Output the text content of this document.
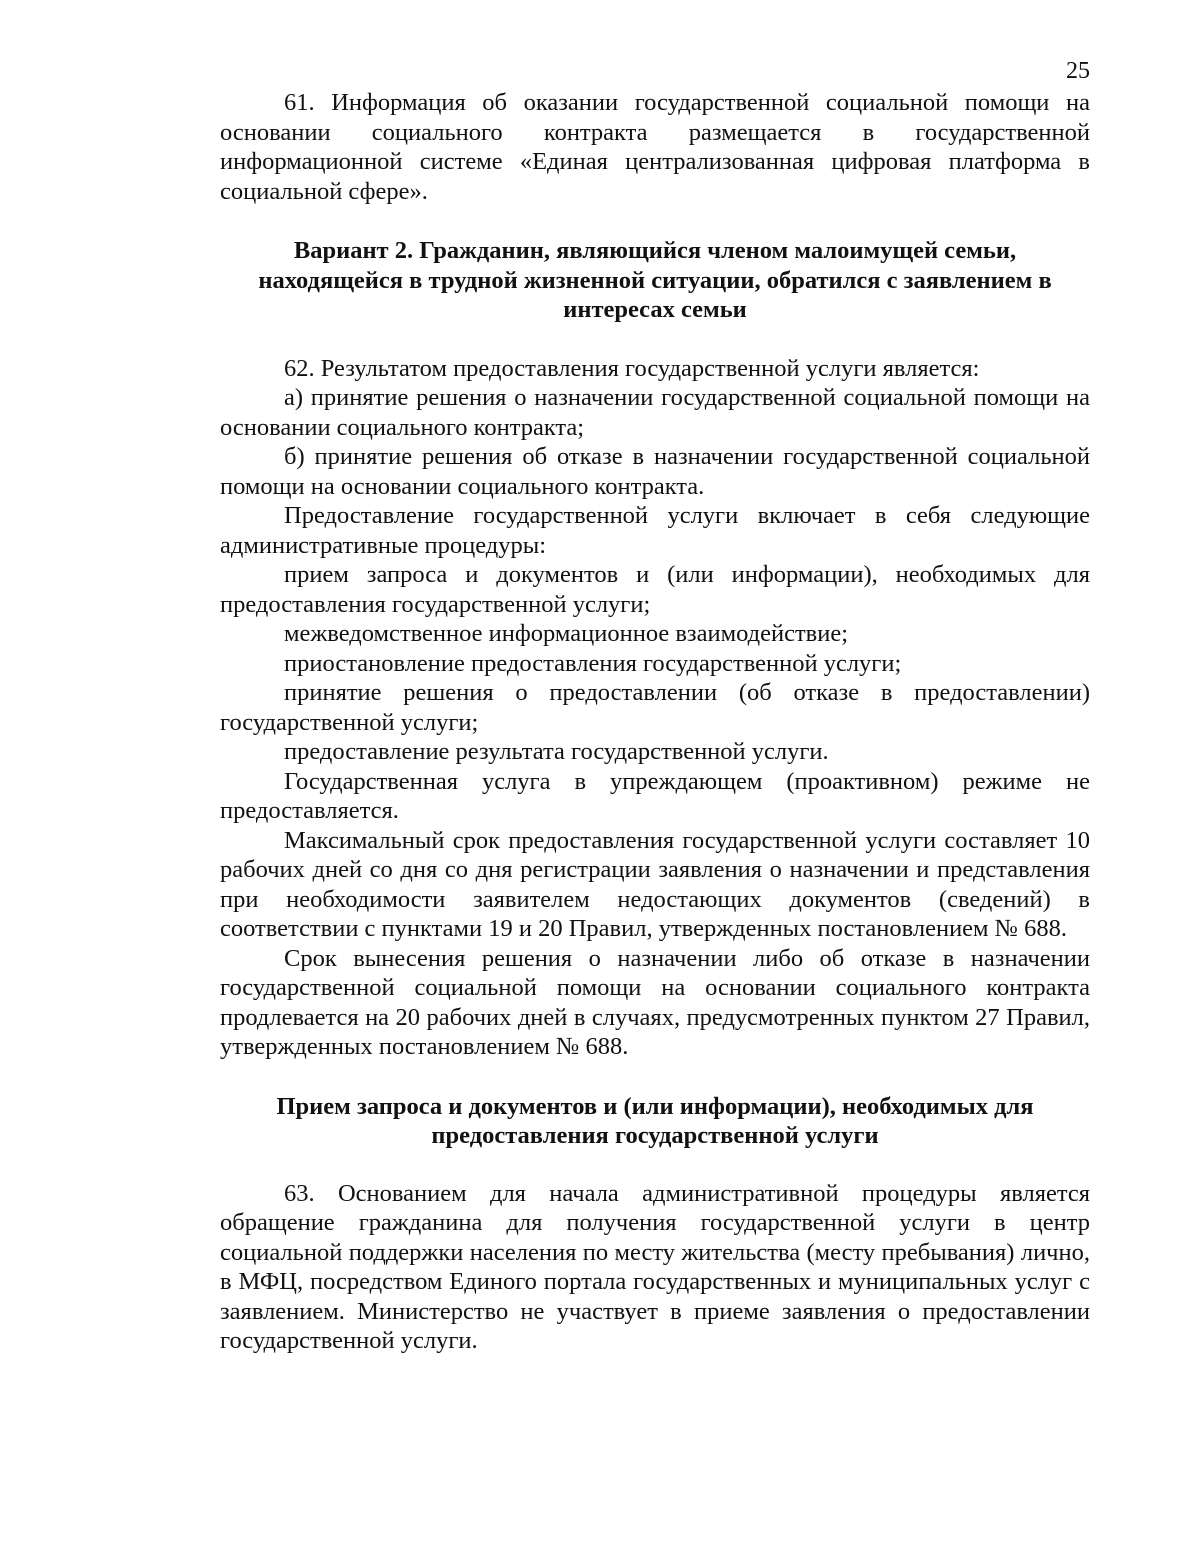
25

61. Информация об оказании государственной социальной помощи на основании социального контракта размещается в государственной информационной системе «Единая централизованная цифровая платформа в социальной сфере».

Вариант 2. Гражданин, являющийся членом малоимущей семьи, находящейся в трудной жизненной ситуации, обратился с заявлением в интересах семьи

62. Результатом предоставления государственной услуги является:

а) принятие решения о назначении государственной социальной помощи на основании социального контракта;

б) принятие решения об отказе в назначении государственной социальной помощи на основании социального контракта.

Предоставление государственной услуги включает в себя следующие административные процедуры:

прием запроса и документов и (или информации), необходимых для предоставления государственной услуги;

межведомственное информационное взаимодействие;

приостановление предоставления государственной услуги;

принятие решения о предоставлении (об отказе в предоставлении) государственной услуги;

предоставление результата государственной услуги.

Государственная услуга в упреждающем (проактивном) режиме не предоставляется.

Максимальный срок предоставления государственной услуги составляет 10 рабочих дней со дня со дня регистрации заявления о назначении и представления при необходимости заявителем недостающих документов (сведений) в соответствии с пунктами 19 и 20 Правил, утвержденных постановлением № 688.

Срок вынесения решения о назначении либо об отказе в назначении государственной социальной помощи на основании социального контракта продлевается на 20 рабочих дней в случаях, предусмотренных пунктом 27 Правил, утвержденных постановлением № 688.

Прием запроса и документов и (или информации), необходимых для предоставления государственной услуги

63. Основанием для начала административной процедуры является обращение гражданина для получения государственной услуги в центр социальной поддержки населения по месту жительства (месту пребывания) лично, в МФЦ, посредством Единого портала государственных и муниципальных услуг с заявлением. Министерство не участвует в приеме заявления о предоставлении государственной услуги.
